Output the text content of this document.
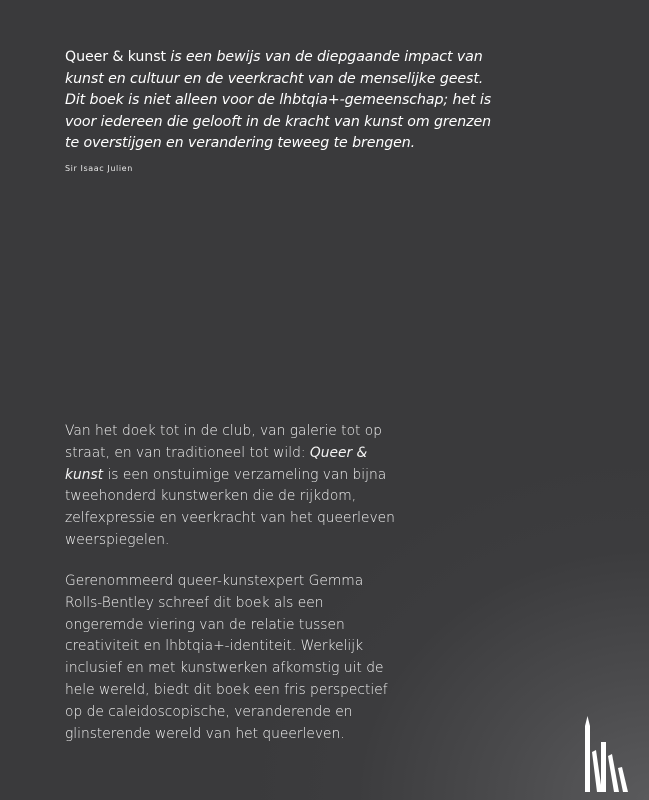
Queer & kunst is een bewijs van de diepgaande impact van kunst en cultuur en de veerkracht van de menselijke geest. Dit boek is niet alleen voor de lhbtqia+-gemeenschap; het is voor iedereen die gelooft in de kracht van kunst om grenzen te overstijgen en verandering teweeg te brengen.
Sir Isaac Julien
Van het doek tot in de club, van galerie tot op straat, en van traditioneel tot wild: Queer & kunst is een onstuimige verzameling van bijna tweehonderd kunstwerken die de rijkdom, zelfexpressie en veerkracht van het queerleven weerspiegelen.
Gerenommeerd queer-kunstexpert Gemma Rolls-Bentley schreef dit boek als een ongeremde viering van de relatie tussen creativiteit en lhbtqia+-identiteit. Werkelijk inclusief en met kunstwerken afkomstig uit de hele wereld, biedt dit boek een fris perspectief op de caleidoscopische, veranderende en glinsterende wereld van het queerleven.
